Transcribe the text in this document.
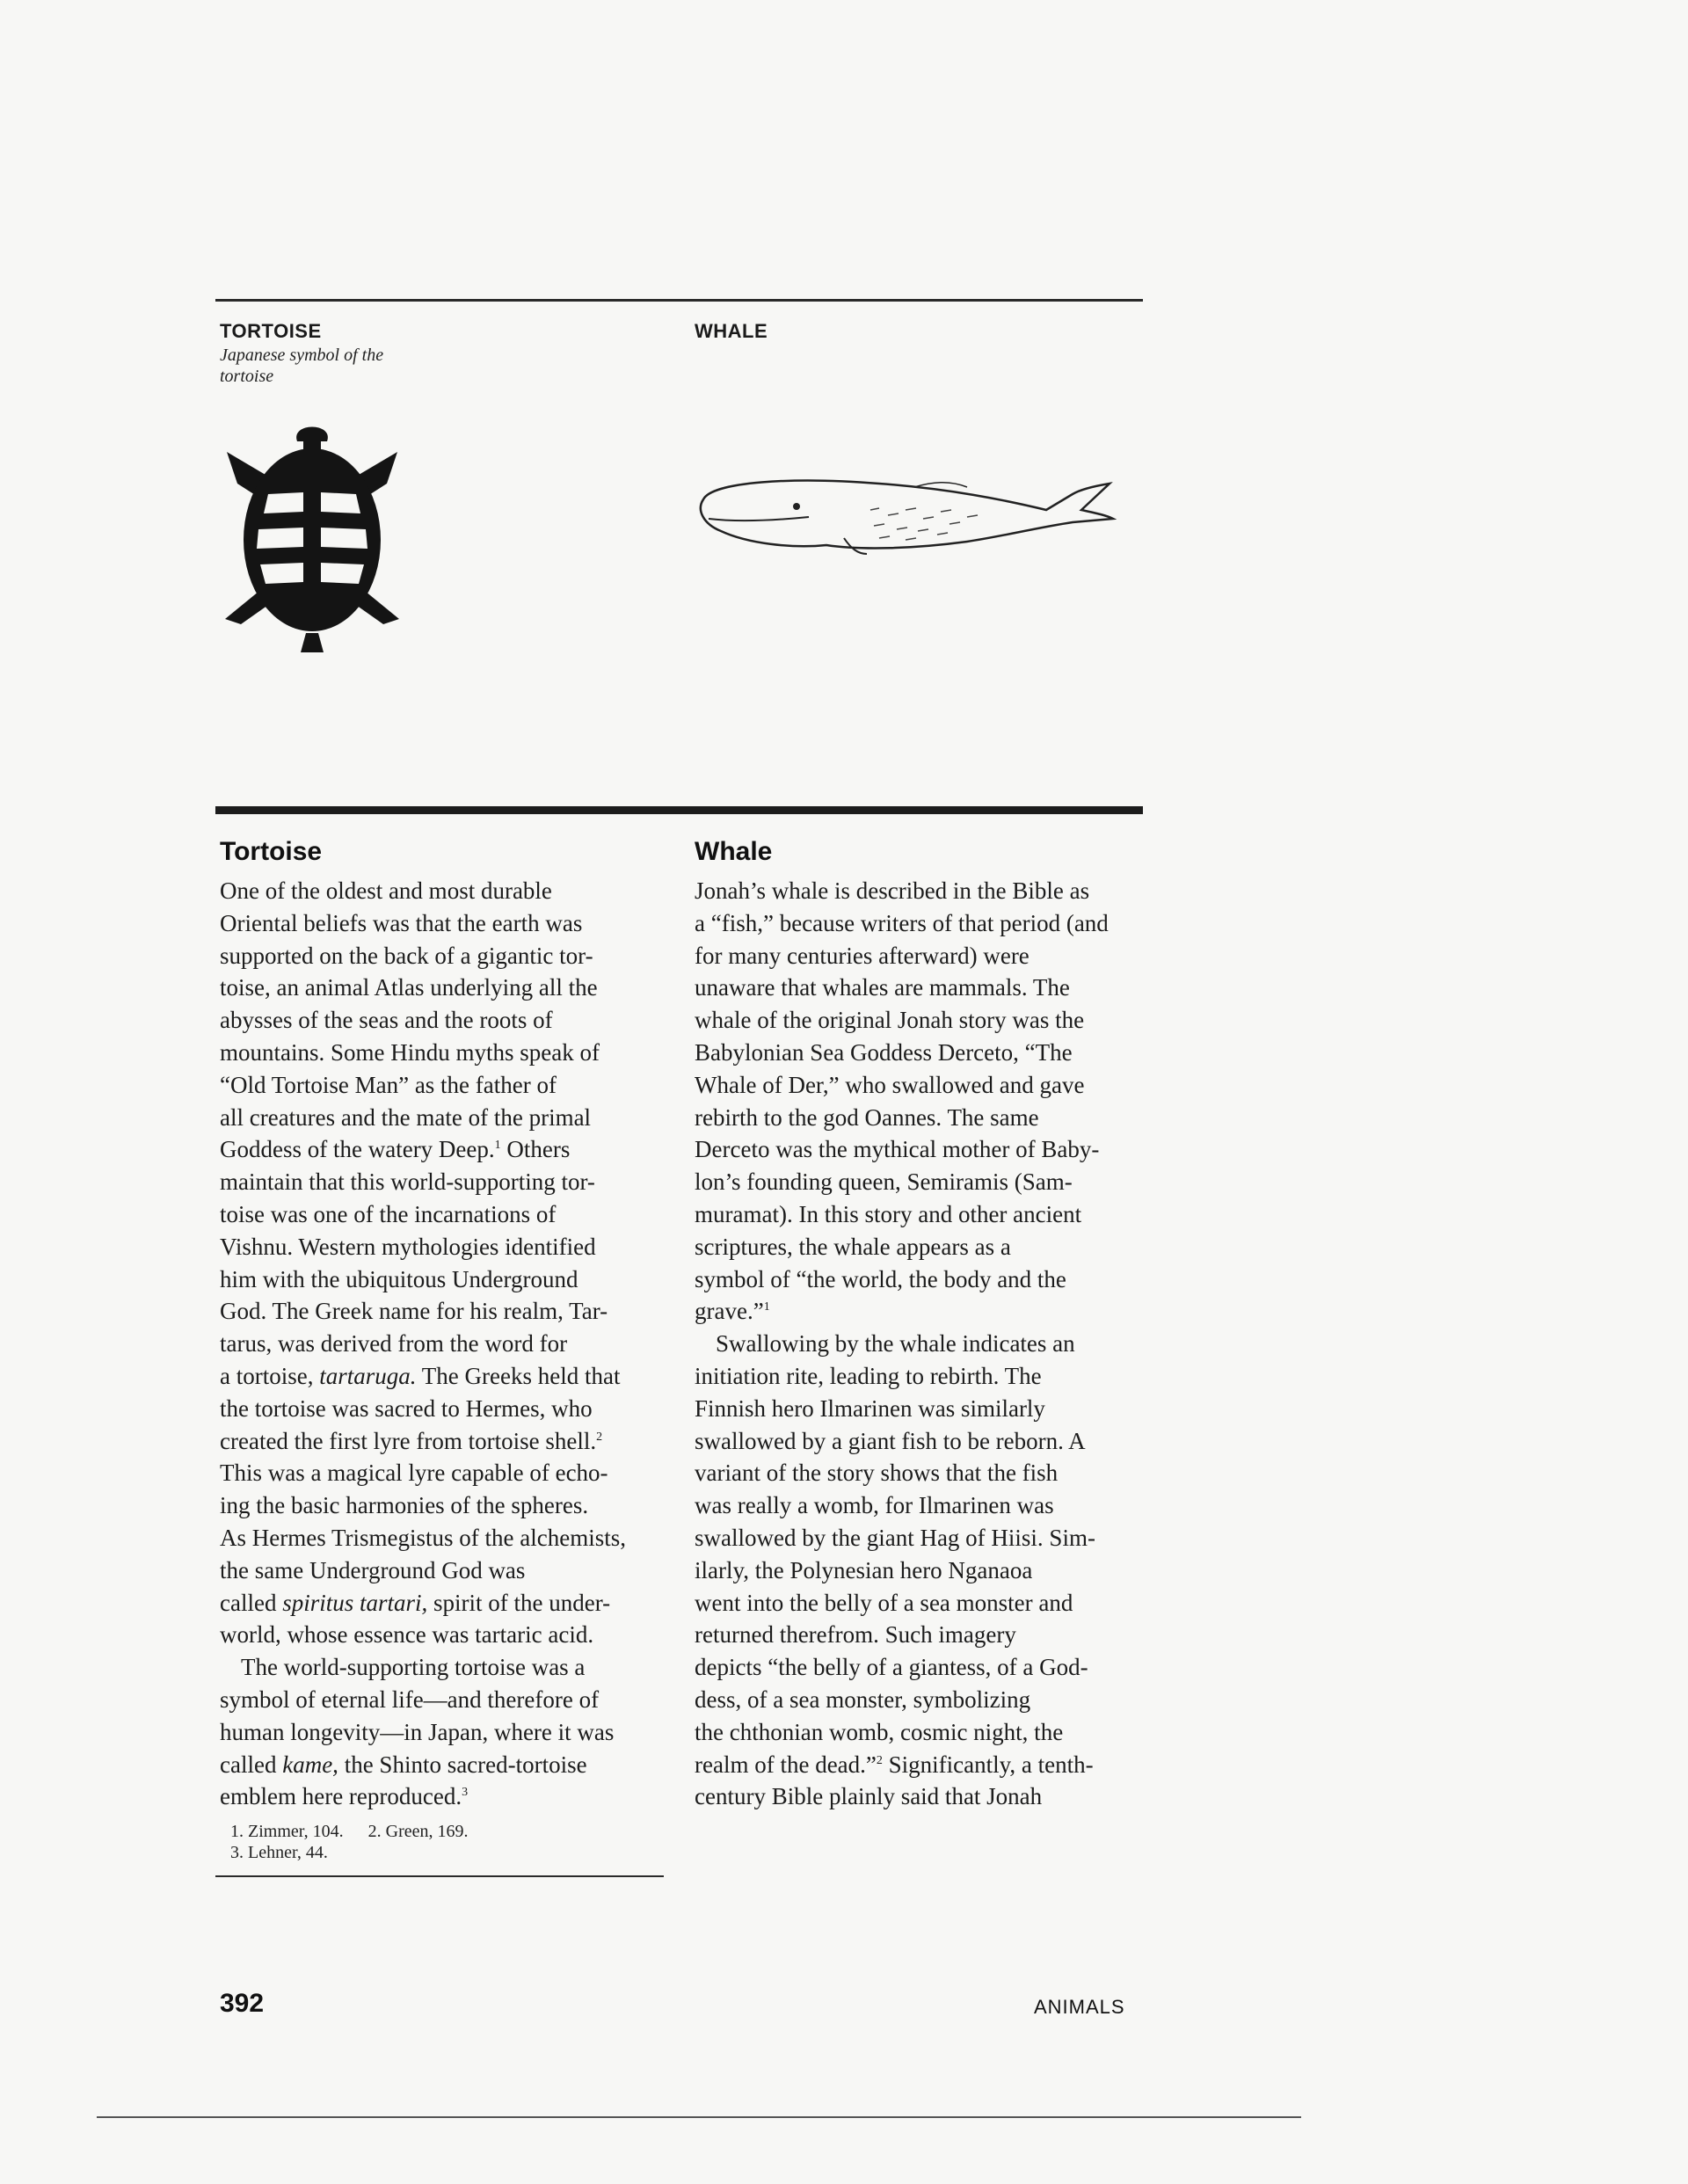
TORTOISE
Japanese symbol of the tortoise
WHALE
Tortoise

One of the oldest and most durable
Oriental beliefs was that the earth was
supported on the back of a gigantic tor-
toise, an animal Atlas underlying all the
abysses of the seas and the roots of
mountains. Some Hindu myths speak of
“Old Tortoise Man” as the father of
all creatures and the mate of the primal
Goddess of the watery Deep.$^1$ Others
maintain that this world-supporting tor-
toise was one of the incarnations of
Vishnu. Western mythologies identified
him with the ubiquitous Underground
God. The Greek name for his realm, Tar-
tarus, was derived from the word for
a tortoise, tartaruga. The Greeks held that
the tortoise was sacred to Hermes, who
created the first lyre from tortoise shell.$^2$
This was a magical lyre capable of echo-
ing the basic harmonies of the spheres.
As Hermes Trismegistus of the alchemists,
the same Underground God was
called spiritus tartari, spirit of the under-
world, whose essence was tartaric acid.

The world-supporting tortoise was a
symbol of eternal life—and therefore of
human longevity—in Japan, where it was
called kame, the Shinto sacred-tortoise
emblem here reproduced.$^3$

1. Zimmer, 104. 2. Green, 169.
3. Lehner, 44.
Whale

Jonah’s whale is described in the Bible as
a “fish,” because writers of that period (and
for many centuries afterward) were
unaware that whales are mammals. The
whale of the original Jonah story was the
Babylonian Sea Goddess Derceto, “The
Whale of Der,” who swallowed and gave
rebirth to the god Oannes. The same
Derceto was the mythical mother of Baby-
lon’s founding queen, Semiramis (Sam-
muramat). In this story and other ancient
scriptures, the whale appears as a
symbol of “the world, the body and the
grave.”$^1$

Swallowing by the whale indicates an
initiation rite, leading to rebirth. The
Finnish hero Ilmarinen was similarly
swallowed by a giant fish to be reborn. A
variant of the story shows that the fish
was really a womb, for Ilmarinen was
swallowed by the giant Hag of Hiisi. Sim-
ilarly, the Polynesian hero Nganaoa
went into the belly of a sea monster and
returned therefrom. Such imagery
depicts “the belly of a giantess, of a God-
dess, of a sea monster, symbolizing
the chthonian womb, cosmic night, the
realm of the dead.”$^2$ Significantly, a tenth-
century Bible plainly said that Jonah

392	ANIMALS
